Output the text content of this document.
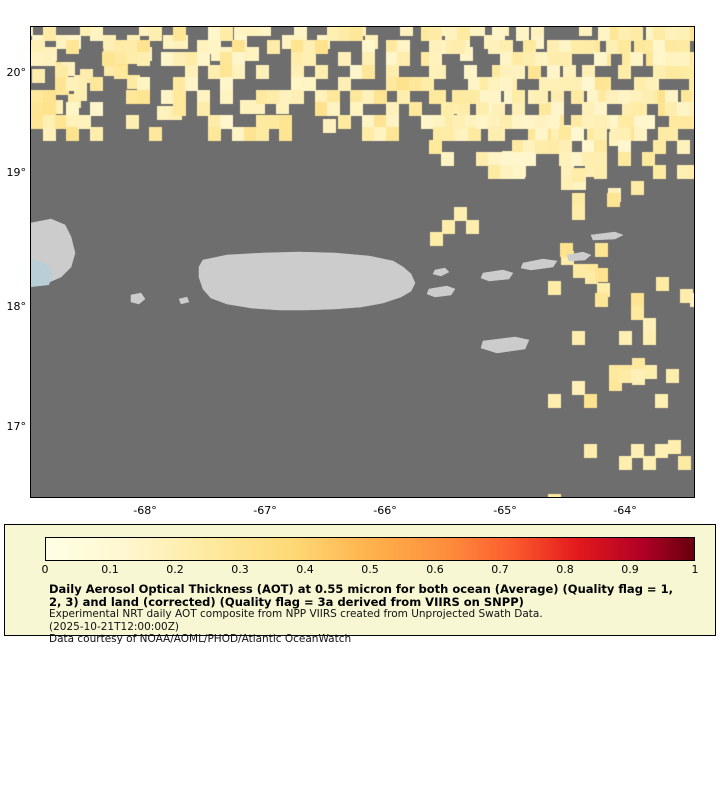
20°
19°
18°
17°
-68°	-67°	-66°	-65°	-64°
0	0.1	0.2	0.3	0.4	0.5	0.6	0.7	0.8	0.9	1

Daily Aerosol Optical Thickness (AOT) at 0.55 micron for both ocean (Average) (Quality flag = 1,

2, 3) and land (corrected) (Quality flag = 3a derived from VIIRS on SNPP)

Experimental NRT daily AOT composite from NPP VIIRS created from Unprojected Swath Data.

(2025-10-21T12:00:00Z)

Data courtesy of NOAA/AOML/PHOD/Atlantic OceanWatch
